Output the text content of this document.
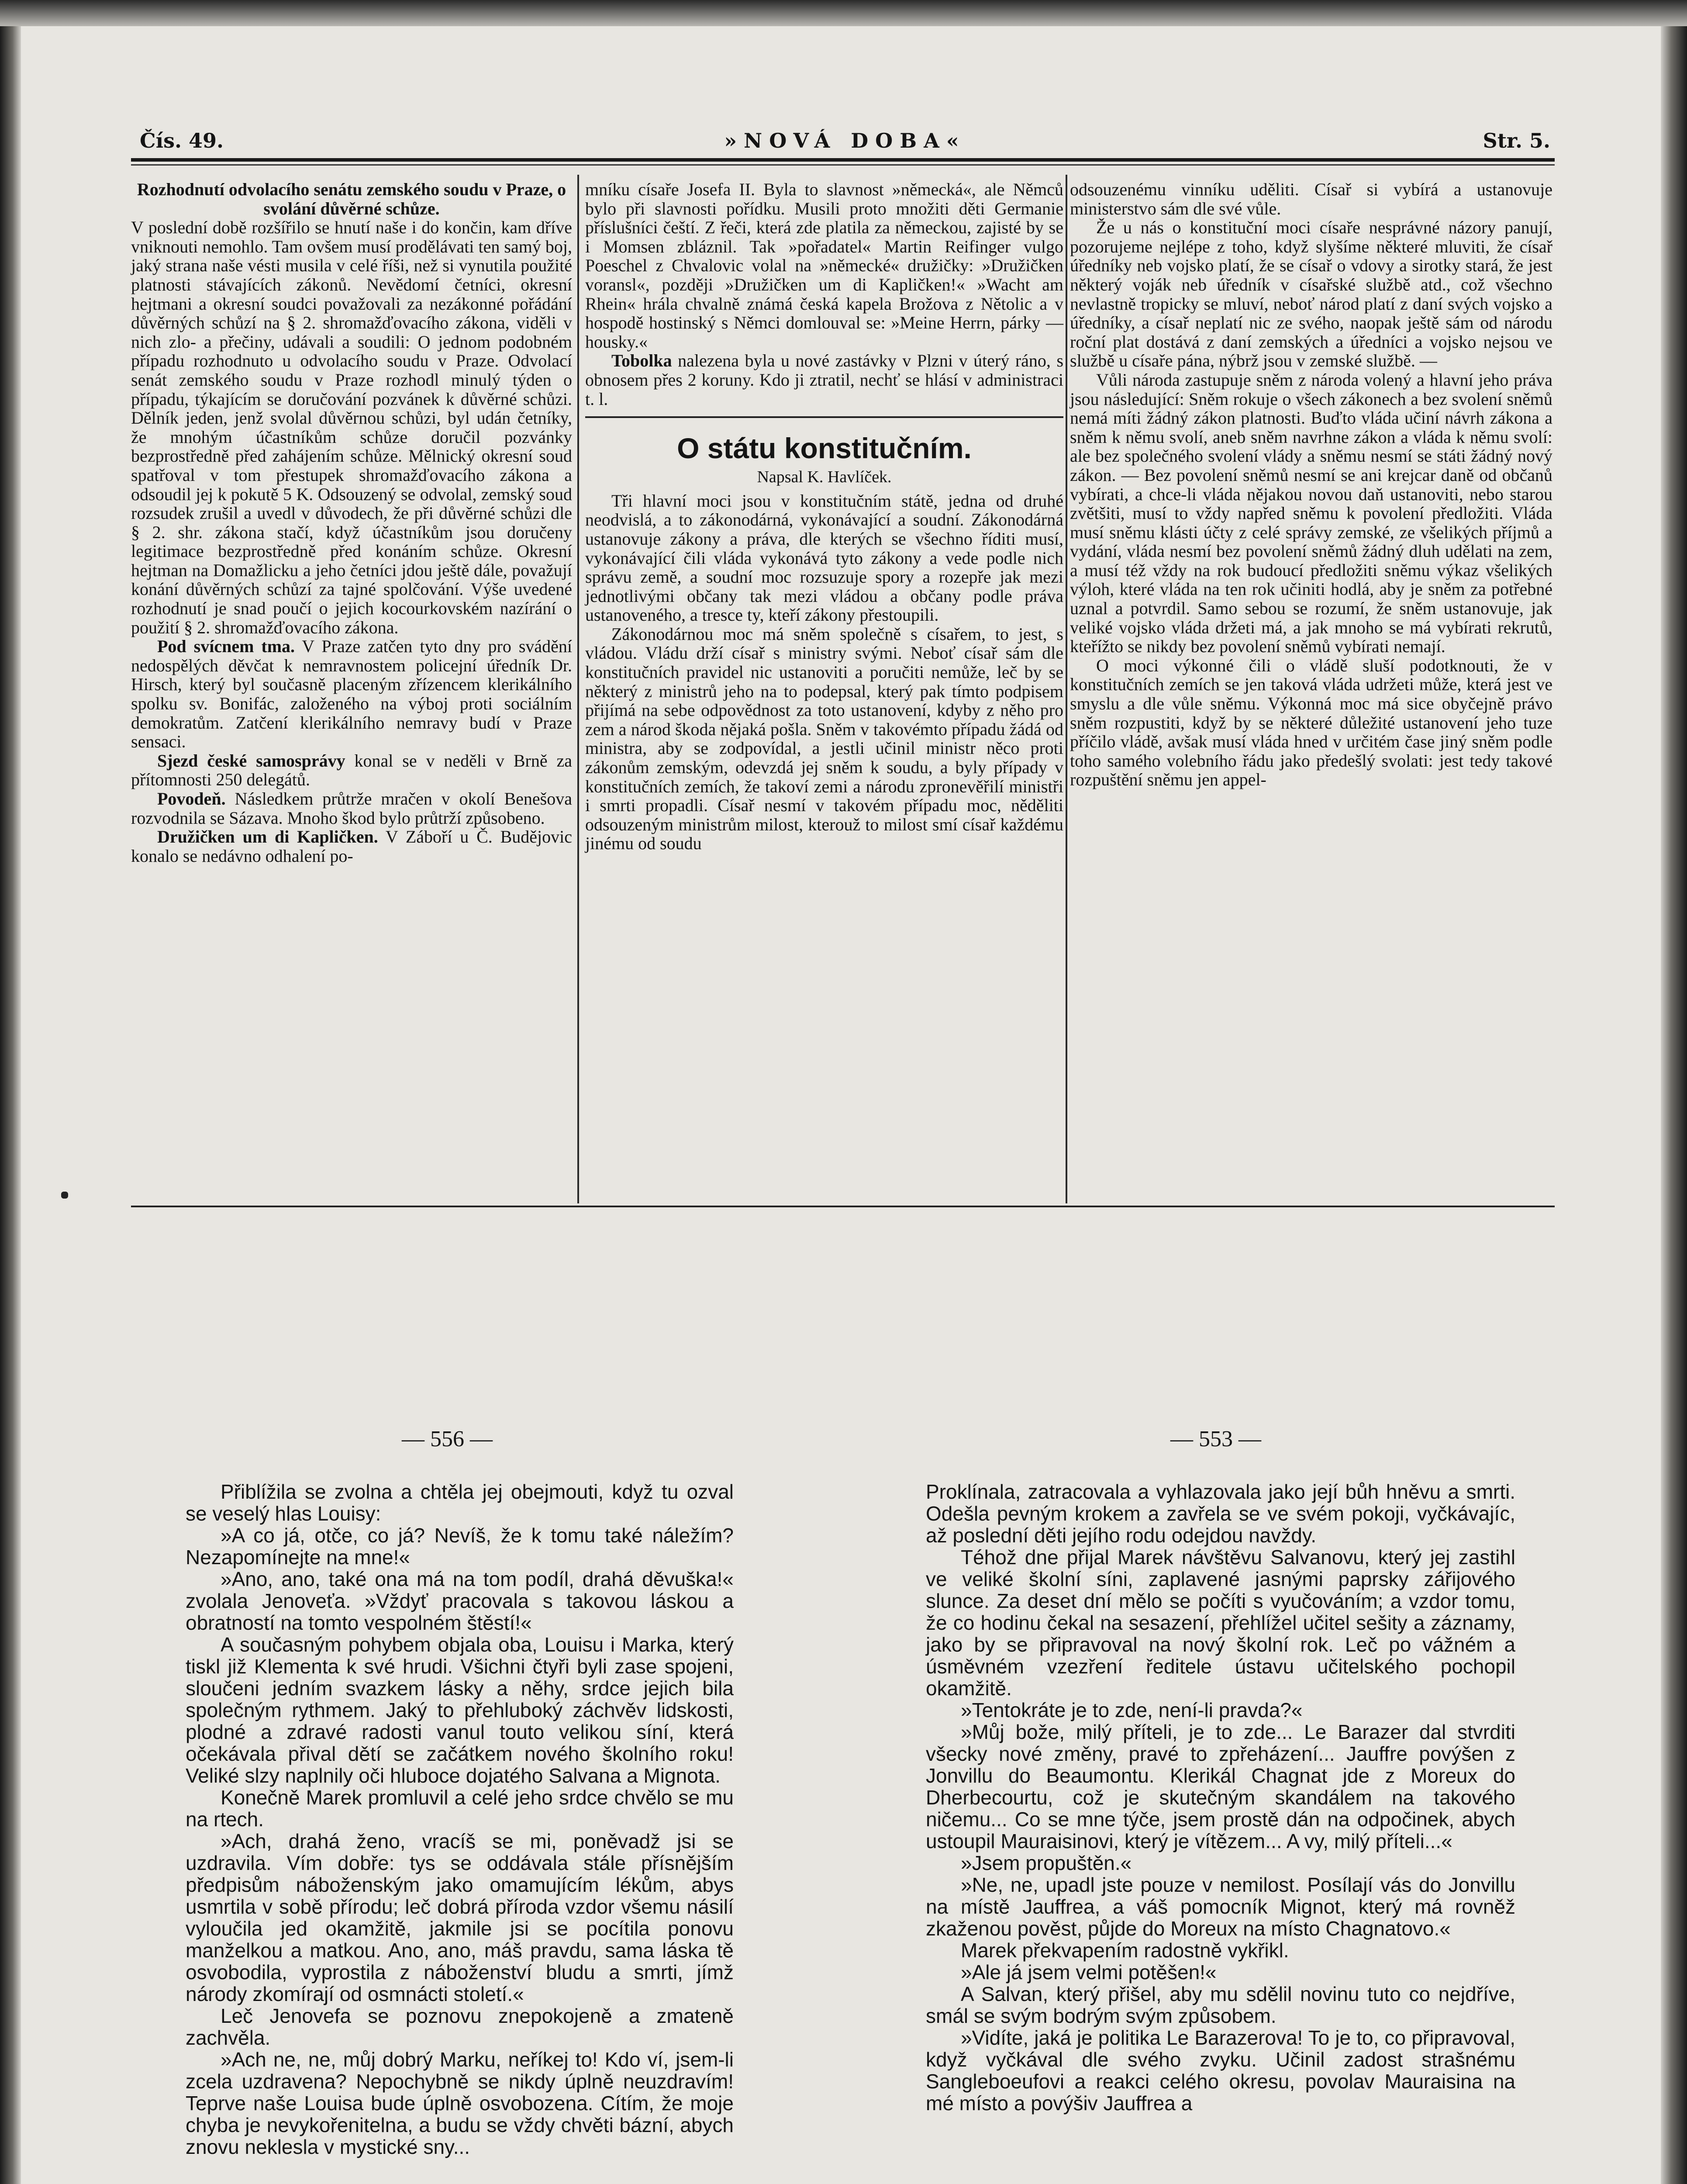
Čís. 49.	»NOVÁ DOBA«	Str. 5.

Rozhodnutí odvolacího senátu zemského soudu v Praze, o svolání důvěrné schůze.

V poslední době rozšířilo se hnutí naše i do končin, kam dříve vniknouti nemohlo. Tam ovšem musí prodělávati ten samý boj, jaký strana naše vésti musila v celé říši, než si vynutila použité platnosti stávajících zákonů. Nevědomí četníci, okresní hejtmani a okresní soudci považovali za nezákonné pořádání důvěrných schůzí na § 2. shromažďovacího zákona, viděli v nich zlo- a přečiny, udávali a soudili: O jednom podobném případu rozhodnuto u odvolacího soudu v Praze. Odvolací senát zemského soudu v Praze rozhodl minulý týden o případu, týkajícím se doručování pozvánek k důvěrné schůzi. Dělník jeden, jenž svolal důvěrnou schůzi, byl udán četníky, že mnohým účastníkům schůze doručil pozvánky bezprostředně před zahájením schůze. Mělnický okresní soud spatřoval v tom přestupek shromažďovacího zákona a odsoudil jej k pokutě 5 K. Odsouzený se odvolal, zemský soud rozsudek zrušil a uvedl v důvodech, že při důvěrné schůzi dle § 2. shr. zákona stačí, když účastníkům jsou doručeny legitimace bezprostředně před konáním schůze. Okresní hejtman na Domažlicku a jeho četníci jdou ještě dále, považují konání důvěrných schůzí za tajné spolčování. Výše uvedené rozhodnutí je snad poučí o jejich kocourkovském nazírání o použití § 2. shromažďovacího zákona.

Pod svícnem tma. V Praze zatčen tyto dny pro svádění nedospělých děvčat k nemravnostem policejní úředník Dr. Hirsch, který byl současně placeným zřízencem klerikálního spolku sv. Bonifác, založeného na výboj proti sociálním demokratům. Zatčení klerikálního nemravy budí v Praze sensaci.

Sjezd české samosprávy konal se v neděli v Brně za přítomnosti 250 delegátů.

Povodeň. Následkem průtrže mračen v okolí Benešova rozvodnila se Sázava. Mnoho škod bylo průtrží způsobeno.

Družičken um di Kapličken. V Záboří u Č. Budějovic konalo se nedávno odhalení po-

mníku císaře Josefa II. Byla to slavnost »německá«, ale Němců bylo při slavnosti pořídku. Musili proto množiti děti Germanie příslušníci čeští. Z řeči, která zde platila za německou, zajisté by se i Momsen zbláznil. Tak »pořadatel« Martin Reifinger vulgo Poeschel z Chvalovic volal na »německé« družičky: »Družičken voransl«, později »Družičken um di Kapličken!« »Wacht am Rhein« hrála chvalně známá česká kapela Brožova z Nětolic a v hospodě hostinský s Němci domlouval se: »Meine Herrn, párky — housky.«

Tobolka nalezena byla u nové zastávky v Plzni v úterý ráno, s obnosem přes 2 koruny. Kdo ji ztratil, nechť se hlásí v administraci t. l.

O státu konstitučním.
Napsal K. Havlíček.

Tři hlavní moci jsou v konstitučním státě, jedna od druhé neodvislá, a to zákonodárná, vykonávající a soudní. Zákonodárná ustanovuje zákony a práva, dle kterých se všechno říditi musí, vykonávající čili vláda vykonává tyto zákony a vede podle nich správu země, a soudní moc rozsuzuje spory a rozepře jak mezi jednotlivými občany tak mezi vládou a občany podle práva ustanoveného, a tresce ty, kteří zákony přestoupili.

Zákonodárnou moc má sněm společně s císařem, to jest, s vládou. Vládu drží císař s ministry svými. Neboť císař sám dle konstitučních pravidel nic ustanoviti a poručiti nemůže, leč by se některý z ministrů jeho na to podepsal, který pak tímto podpisem přijímá na sebe odpovědnost za toto ustanovení, kdyby z něho pro zem a národ škoda nějaká pošla. Sněm v takovémto případu žádá od ministra, aby se zodpovídal, a jestli učinil ministr něco proti zákonům zemským, odevzdá jej sněm k soudu, a byly případy v konstitučních zemích, že takoví zemi a národu zpronevěřilí ministři i smrti propadli. Císař nesmí v takovém případu moc, něděliti odsouzeným ministrům milost, kterouž to milost smí císař každému jinému od soudu

odsouzenému vinníku uděliti. Císař si vybírá a ustanovuje ministerstvo sám dle své vůle.

Že u nás o konstituční moci císaře nesprávné názory panují, pozorujeme nejlépe z toho, když slyšíme některé mluviti, že císař úředníky neb vojsko platí, že se císař o vdovy a sirotky stará, že jest některý voják neb úředník v císařské službě atd., což všechno nevlastně tropicky se mluví, neboť národ platí z daní svých vojsko a úředníky, a císař neplatí nic ze svého, naopak ještě sám od národu roční plat dostává z daní zemských a úředníci a vojsko nejsou ve službě u císaře pána, nýbrž jsou v zemské službě. —

Vůli národa zastupuje sněm z národa volený a hlavní jeho práva jsou následující: Sněm rokuje o všech zákonech a bez svolení sněmů nemá míti žádný zákon platnosti. Buďto vláda učiní návrh zákona a sněm k němu svolí, aneb sněm navrhne zákon a vláda k němu svolí: ale bez společného svolení vlády a sněmu nesmí se státi žádný nový zákon. — Bez povolení sněmů nesmí se ani krejcar daně od občanů vybírati, a chce-li vláda nějakou novou daň ustanoviti, nebo starou zvětšiti, musí to vždy napřed sněmu k povolení předložiti. Vláda musí sněmu klásti účty z celé správy zemské, ze všelikých příjmů a vydání, vláda nesmí bez povolení sněmů žádný dluh udělati na zem, a musí též vždy na rok budoucí předložiti sněmu výkaz všelikých výloh, které vláda na ten rok učiniti hodlá, aby je sněm za potřebné uznal a potvrdil. Samo sebou se rozumí, že sněm ustanovuje, jak veliké vojsko vláda držeti má, a jak mnoho se má vybírati rekrutů, kteřížto se nikdy bez povolení sněmů vybírati nemají.

O moci výkonné čili o vládě sluší podotknouti, že v konstitučních zemích se jen taková vláda udržeti může, která jest ve smyslu a dle vůle sněmu. Výkonná moc má sice obyčejně právo sněm rozpustiti, když by se některé důležité ustanovení jeho tuze příčilo vládě, avšak musí vláda hned v určitém čase jiný sněm podle toho samého volebního řádu jako předešlý svolati: jest tedy takové rozpuštění sněmu jen appel-

— 556 —	— 553 —

Přiblížila se zvolna a chtěla jej obejmouti, když tu ozval se veselý hlas Louisy:

»A co já, otče, co já? Nevíš, že k tomu také náležím? Nezapomínejte na mne!«

»Ano, ano, také ona má na tom podíl, drahá děvuška!« zvolala Jenoveťa. »Vždyť pracovala s takovou láskou a obratností na tomto vespolném štěstí!«

A současným pohybem objala oba, Louisu i Marka, který tiskl již Klementa k své hrudi. Všichni čtyři byli zase spojeni, sloučeni jedním svazkem lásky a něhy, srdce jejich bila společným rythmem. Jaký to přehluboký záchvěv lidskosti, plodné a zdravé radosti vanul touto velikou síní, která očekávala přival dětí se začátkem nového školního roku! Veliké slzy naplnily oči hluboce dojatého Salvana a Mignota.

Konečně Marek promluvil a celé jeho srdce chvělo se mu na rtech.

»Ach, drahá ženo, vracíš se mi, poněvadž jsi se uzdravila. Vím dobře: tys se oddávala stále přísnějším předpisům náboženským jako omamujícím lékům, abys usmrtila v sobě přírodu; leč dobrá příroda vzdor všemu násilí vyloučila jed okamžitě, jakmile jsi se pocítila ponovu manželkou a matkou. Ano, ano, máš pravdu, sama láska tě osvobodila, vyprostila z náboženství bludu a smrti, jímž národy zkomírají od osmnácti století.«

Leč Jenovefa se poznovu znepokojeně a zmateně zachvěla.

»Ach ne, ne, můj dobrý Marku, neříkej to! Kdo ví, jsem-li zcela uzdravena? Nepochybně se nikdy úplně neuzdravím! Teprve naše Louisa bude úplně osvobozena. Cítím, že moje chyba je nevykořenitelna, a budu se vždy chvěti bázní, abych znovu neklesla v mystické sny...

Proklínala, zatracovala a vyhlazovala jako její bůh hněvu a smrti. Odešla pevným krokem a zavřela se ve svém pokoji, vyčkávajíc, až poslední děti jejího rodu odejdou navždy.

Téhož dne přijal Marek návštěvu Salvanovu, který jej zastihl ve veliké školní síni, zaplavené jasnými paprsky zářijového slunce. Za deset dní mělo se počíti s vyučováním; a vzdor tomu, že co hodinu čekal na sesazení, přehlížel učitel sešity a záznamy, jako by se připravoval na nový školní rok. Leč po vážném a úsměvném vzezření ředitele ústavu učitelského pochopil okamžitě.

»Tentokráte je to zde, není-li pravda?«

»Můj bože, milý příteli, je to zde... Le Barazer dal stvrditi všecky nové změny, pravé to zpřeházení... Jauffre povýšen z Jonvillu do Beaumontu. Klerikál Chagnat jde z Moreux do Dherbecourtu, což je skutečným skandálem na takového ničemu... Co se mne týče, jsem prostě dán na odpočinek, abych ustoupil Mauraisinovi, který je vítězem... A vy, milý příteli...«

»Jsem propuštěn.«

»Ne, ne, upadl jste pouze v nemilost. Posílají vás do Jonvillu na místě Jauffrea, a váš pomocník Mignot, který má rovněž zkaženou pověst, půjde do Moreux na místo Chagnatovo.«

Marek překvapením radostně vykřikl.

»Ale já jsem velmi potěšen!«

A Salvan, který přišel, aby mu sdělil novinu tuto co nejdříve, smál se svým bodrým svým způsobem.

»Vidíte, jaká je politika Le Barazerova! To je to, co připravoval, když vyčkával dle svého zvyku. Učinil zadost strašnému Sangleboeufovi a reakci celého okresu, povolav Mauraisina na mé místo a povýšiv Jauffrea a
